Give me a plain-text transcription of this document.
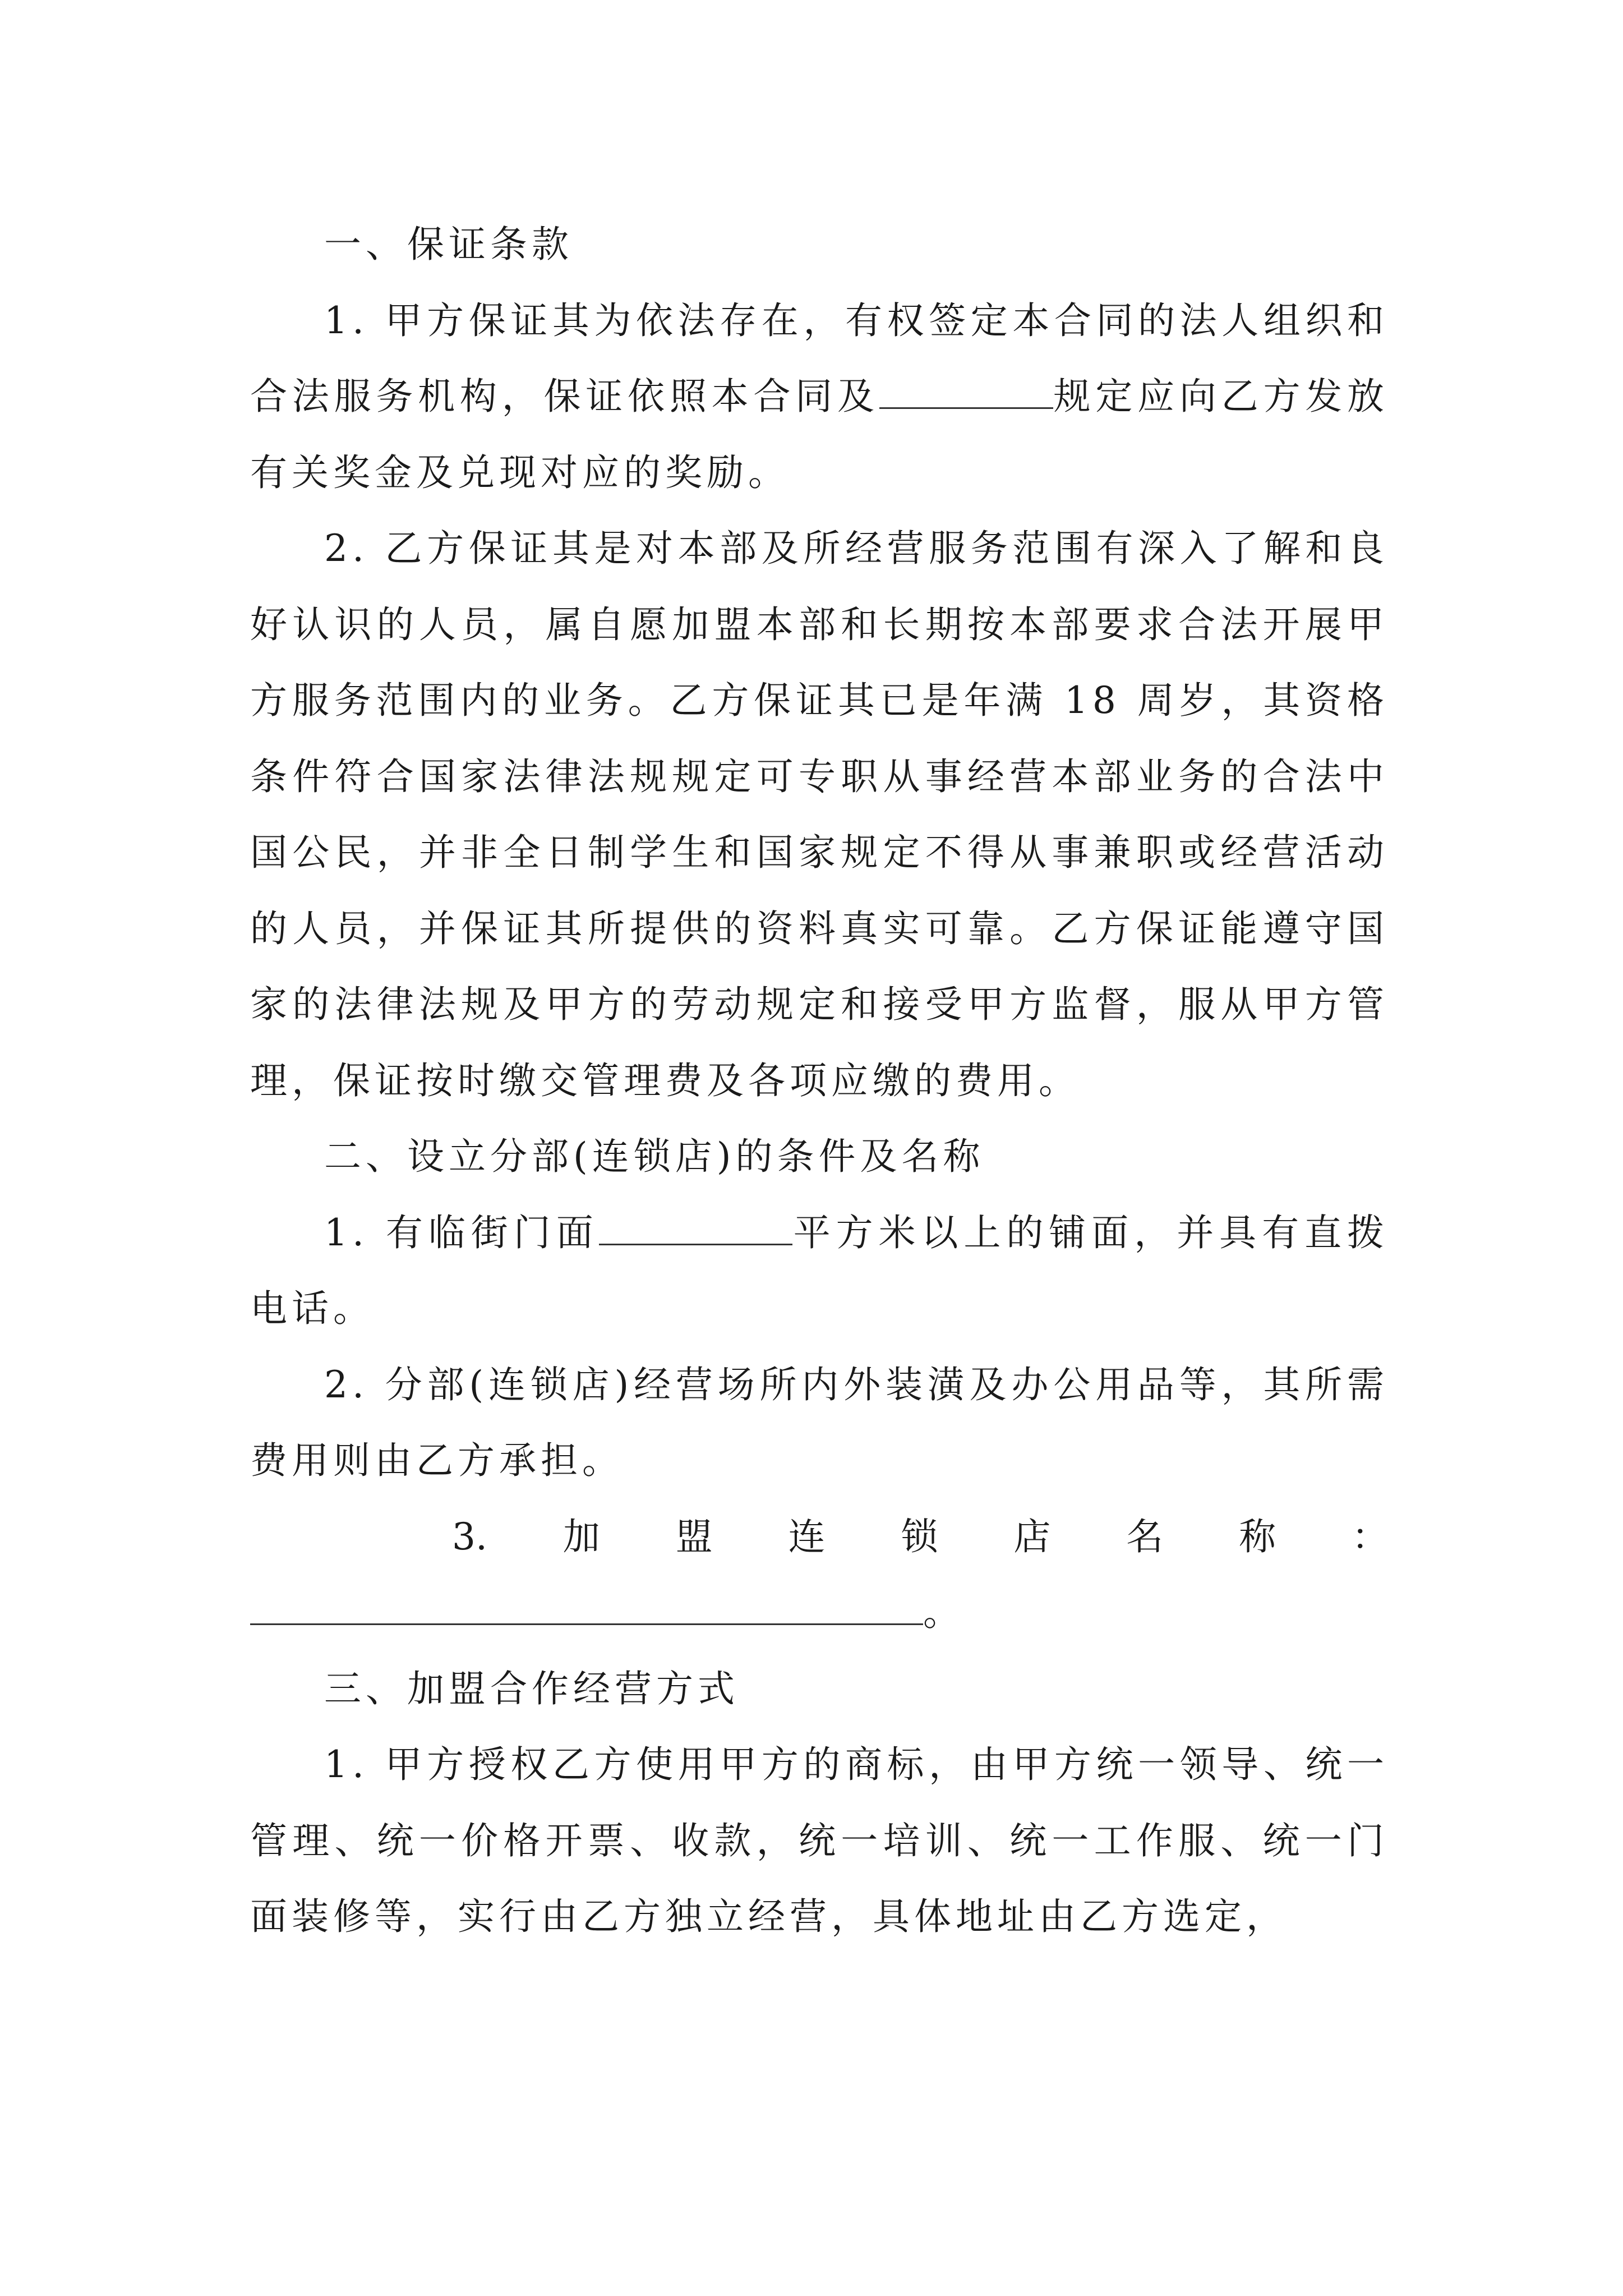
一、保证条款

1. 甲方保证其为依法存在，有权签定本合同的法人组织和合法服务机构，保证依照本合同及	规定应向乙方发放有关奖金及兑现对应的奖励。

2. 乙方保证其是对本部及所经营服务范围有深入了解和良好认识的人员，属自愿加盟本部和长期按本部要求合法开展甲方服务范围内的业务。乙方保证其已是年满 18 周岁，其资格条件符合国家法律法规规定可专职从事经营本部业务的合法中国公民，并非全日制学生和国家规定不得从事兼职或经营活动的人员，并保证其所提供的资料真实可靠。乙方保证能遵守国家的法律法规及甲方的劳动规定和接受甲方监督，服从甲方管理，保证按时缴交管理费及各项应缴的费用。

二、设立分部(连锁店)的条件及名称

1. 有临街门面	平方米以上的铺面，并具有直拨电话。

2. 分部(连锁店)经营场所内外装潢及办公用品等，其所需费用则由乙方承担。

3. 加 盟 连 锁 店 名 称 ：

。

三、加盟合作经营方式

1. 甲方授权乙方使用甲方的商标，由甲方统一领导、统一管理、统一价格开票、收款，统一培训、统一工作服、统一门面装修等，实行由乙方独立经营，具体地址由乙方选定，
